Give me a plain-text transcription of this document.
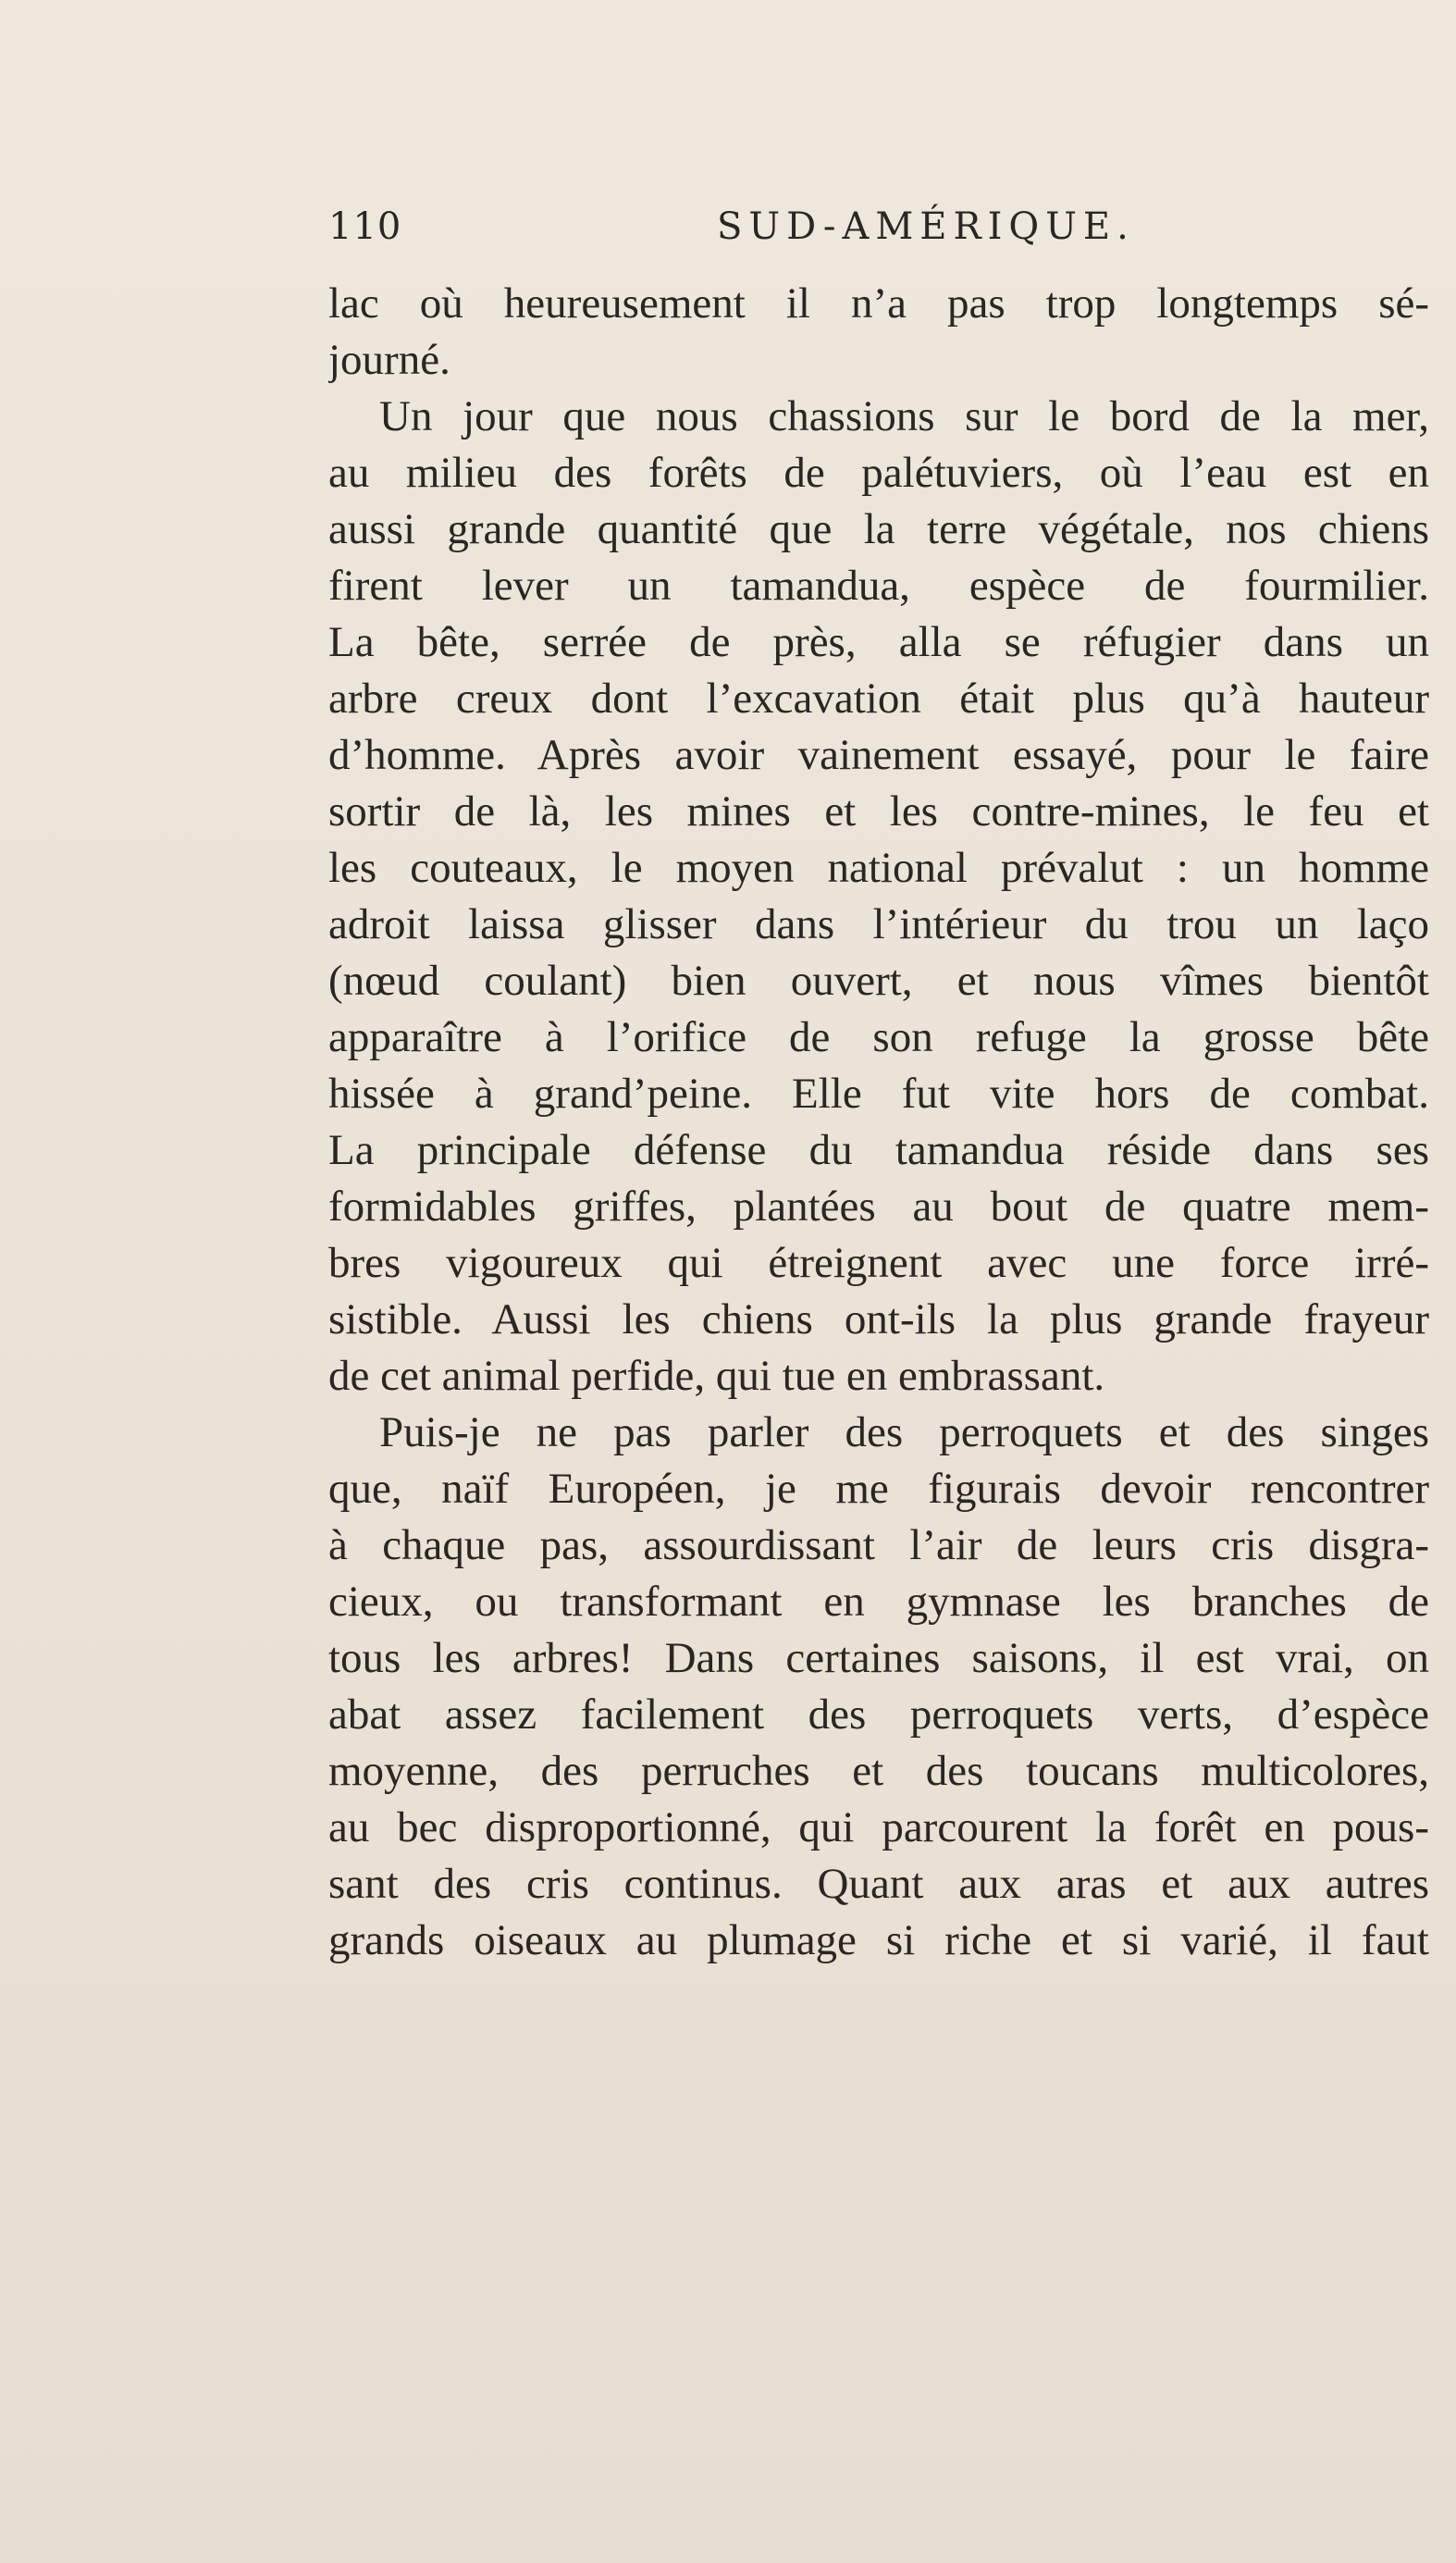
110	SUD-AMÉRIQUE.
lac où heureusement il n’a pas trop longtemps sé-
journé.
Un jour que nous chassions sur le bord de la mer,
au milieu des forêts de palétuviers, où l’eau est en
aussi grande quantité que la terre végétale, nos chiens
firent lever un tamandua, espèce de fourmilier.
La bête, serrée de près, alla se réfugier dans un
arbre creux dont l’excavation était plus qu’à hauteur
d’homme. Après avoir vainement essayé, pour le faire
sortir de là, les mines et les contre-mines, le feu et
les couteaux, le moyen national prévalut : un homme
adroit laissa glisser dans l’intérieur du trou un laço
(nœud coulant) bien ouvert, et nous vîmes bientôt
apparaître à l’orifice de son refuge la grosse bête
hissée à grand’peine. Elle fut vite hors de combat.
La principale défense du tamandua réside dans ses
formidables griffes, plantées au bout de quatre mem-
bres vigoureux qui étreignent avec une force irré-
sistible. Aussi les chiens ont-ils la plus grande frayeur
de cet animal perfide, qui tue en embrassant.
Puis-je ne pas parler des perroquets et des singes
que, naïf Européen, je me figurais devoir rencontrer
à chaque pas, assourdissant l’air de leurs cris disgra-
cieux, ou transformant en gymnase les branches de
tous les arbres! Dans certaines saisons, il est vrai, on
abat assez facilement des perroquets verts, d’espèce
moyenne, des perruches et des toucans multicolores,
au bec disproportionné, qui parcourent la forêt en pous-
sant des cris continus. Quant aux aras et aux autres
grands oiseaux au plumage si riche et si varié, il faut
